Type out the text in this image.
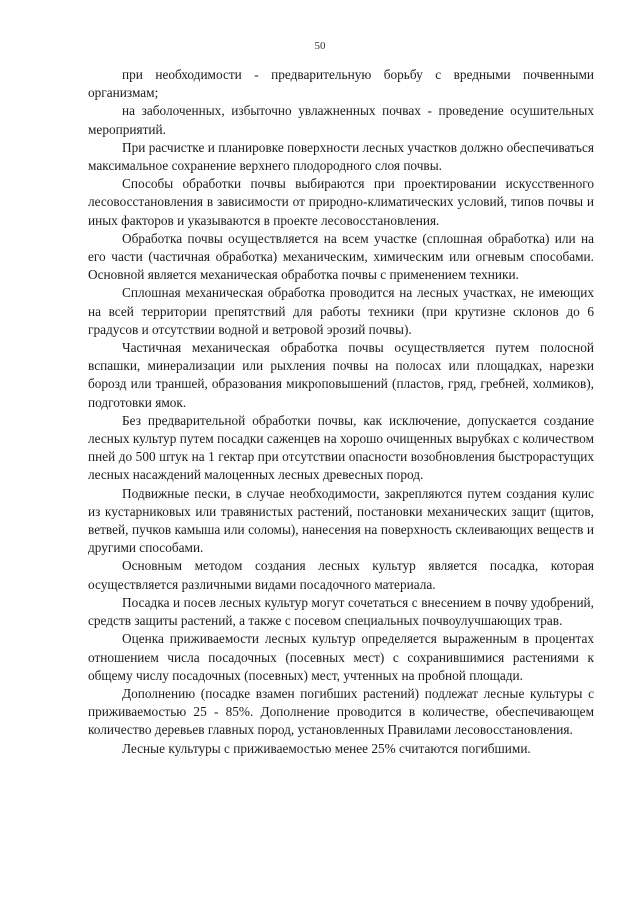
50

при необходимости - предварительную борьбу с вредными почвенными организмам;

на заболоченных, избыточно увлажненных почвах - проведение осушительных мероприятий.

При расчистке и планировке поверхности лесных участков должно обеспечиваться максимальное сохранение верхнего плодородного слоя почвы.

Способы обработки почвы выбираются при проектировании искусственного лесовосстановления в зависимости от природно-климатических условий, типов почвы и иных факторов и указываются в проекте лесовосстановления.

Обработка почвы осуществляется на всем участке (сплошная обработка) или на его части (частичная обработка) механическим, химическим или огневым способами. Основной является механическая обработка почвы с применением техники.

Сплошная механическая обработка проводится на лесных участках, не имеющих на всей территории препятствий для работы техники (при крутизне склонов до 6 градусов и отсутствии водной и ветровой эрозий почвы).

Частичная механическая обработка почвы осуществляется путем полосной вспашки, минерализации или рыхления почвы на полосах или площадках, нарезки борозд или траншей, образования микроповышений (пластов, гряд, гребней, холмиков), подготовки ямок.

Без предварительной обработки почвы, как исключение, допускается создание лесных культур путем посадки саженцев на хорошо очищенных вырубках с количеством пней до 500 штук на 1 гектар при отсутствии опасности возобновления быстрорастущих лесных насаждений малоценных лесных древесных пород.

Подвижные пески, в случае необходимости, закрепляются путем создания кулис из кустарниковых или травянистых растений, постановки механических защит (щитов, ветвей, пучков камыша или соломы), нанесения на поверхность склеивающих веществ и другими способами.

Основным методом создания лесных культур является посадка, которая осуществляется различными видами посадочного материала.

Посадка и посев лесных культур могут сочетаться с внесением в почву удобрений, средств защиты растений, а также с посевом специальных почвоулучшающих трав.

Оценка приживаемости лесных культур определяется выраженным в процентах отношением числа посадочных (посевных мест) с сохранившимися растениями к общему числу посадочных (посевных) мест, учтенных на пробной площади.

Дополнению (посадке взамен погибших растений) подлежат лесные культуры с приживаемостью 25 - 85%. Дополнение проводится в количестве, обеспечивающем количество деревьев главных пород, установленных Правилами лесовосстановления.

Лесные культуры с приживаемостью менее 25% считаются погибшими.
